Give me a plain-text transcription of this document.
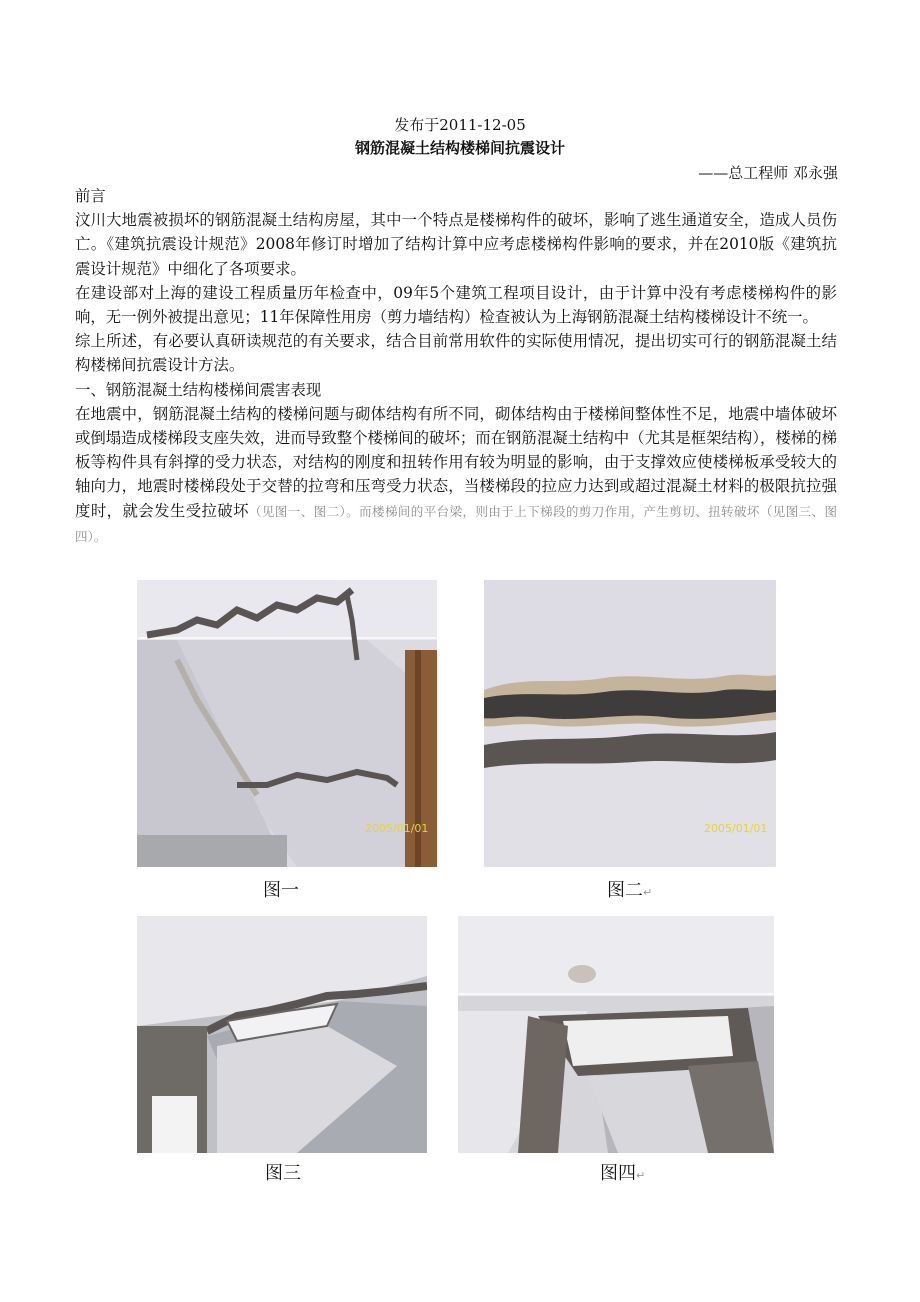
发布于2011-12-05
钢筋混凝土结构楼梯间抗震设计
——总工程师 邓永强

前言

汶川大地震被损坏的钢筋混凝土结构房屋，其中一个特点是楼梯构件的破坏，影响了逃生通道安全，造成人员伤亡。《建筑抗震设计规范》2008年修订时增加了结构计算中应考虑楼梯构件影响的要求，并在2010版《建筑抗震设计规范》中细化了各项要求。

在建设部对上海的建设工程质量历年检查中，09年5个建筑工程项目设计，由于计算中没有考虑楼梯构件的影响，无一例外被提出意见；11年保障性用房（剪力墙结构）检查被认为上海钢筋混凝土结构楼梯设计不统一。

综上所述，有必要认真研读规范的有关要求，结合目前常用软件的实际使用情况，提出切实可行的钢筋混凝土结构楼梯间抗震设计方法。

一、钢筋混凝土结构楼梯间震害表现

在地震中，钢筋混凝土结构的楼梯问题与砌体结构有所不同，砌体结构由于楼梯间整体性不足，地震中墙体破坏或倒塌造成楼梯段支座失效，进而导致整个楼梯间的破坏；而在钢筋混凝土结构中（尤其是框架结构），楼梯的梯板等构件具有斜撑的受力状态，对结构的刚度和扭转作用有较为明显的影响，由于支撑效应使楼梯板承受较大的轴向力，地震时楼梯段处于交替的拉弯和压弯受力状态，当楼梯段的拉应力达到或超过混凝土材料的极限抗拉强度时，就会发生受拉破坏（见图一、图二）。而楼梯间的平台梁，则由于上下梯段的剪刀作用，产生剪切、扭转破坏（见图三、图四）。

2005/01/01
图一
2005/01/01
图二↵
图三	图四↵
